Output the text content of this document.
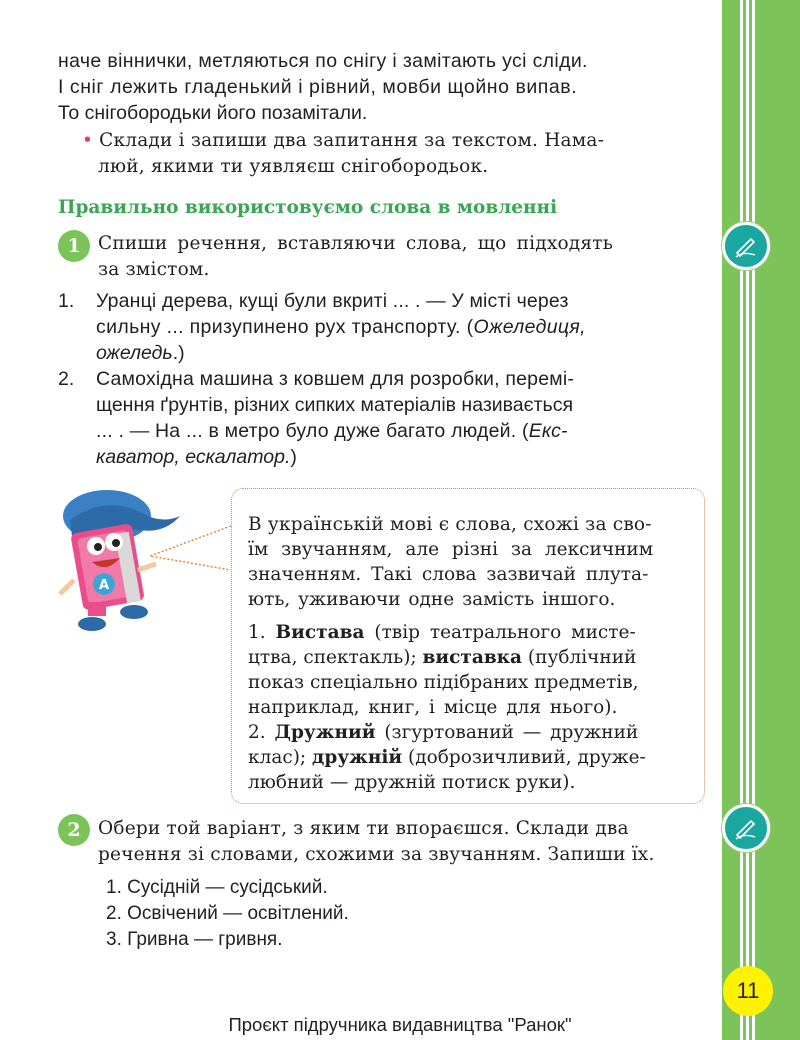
наче віннички, метляються по снігу і замітають усі сліди.
І сніг лежить гладенький і рівний, мовби щойно випав.
То снігобородьки його позамітали.
• Склади і запиши два запитання за текстом. Нама-
люй, якими ти уявляєш снігобородьок.
Правильно використовуємо слова в мовленні
1 Спиши речення, вставляючи слова, що підходять
за змістом.
1. Уранці дерева, кущі були вкриті ... . — У місті через
сильну ... призупинено рух транспорту. (Ожеледиця,
ожеледь.)
2. Самохідна машина з ковшем для розробки, перемі‑
щення ґрунтів, різних сипких матеріалів називається
... . — На ... в метро було дуже багато людей. (Екс-
каватор, ескалатор.)
A
В українській мові є слова, схожі за сво-
їм звучанням, але різні за лексичним
значенням. Такі слова зазвичай плута-
ють, уживаючи одне замість іншого.
1. Вистава (твір театрального мисте-
цтва, спектакль); виставка (публічний
показ спеціально підібраних предметів,
наприклад, книг, і місце для нього).
2. Дружний (згуртований — дружний
клас); дружній (доброзичливий, друже-
любний — дружній потиск руки).
2 Обери той варіант, з яким ти впораєшся. Склади два
речення зі словами, схожими за звучанням. Запиши їх.
1. Сусідній — сусідський.
2. Освічений — освітлений.
3. Гривна — гривня.
11
Проєкт підручника видавництва "Ранок"
